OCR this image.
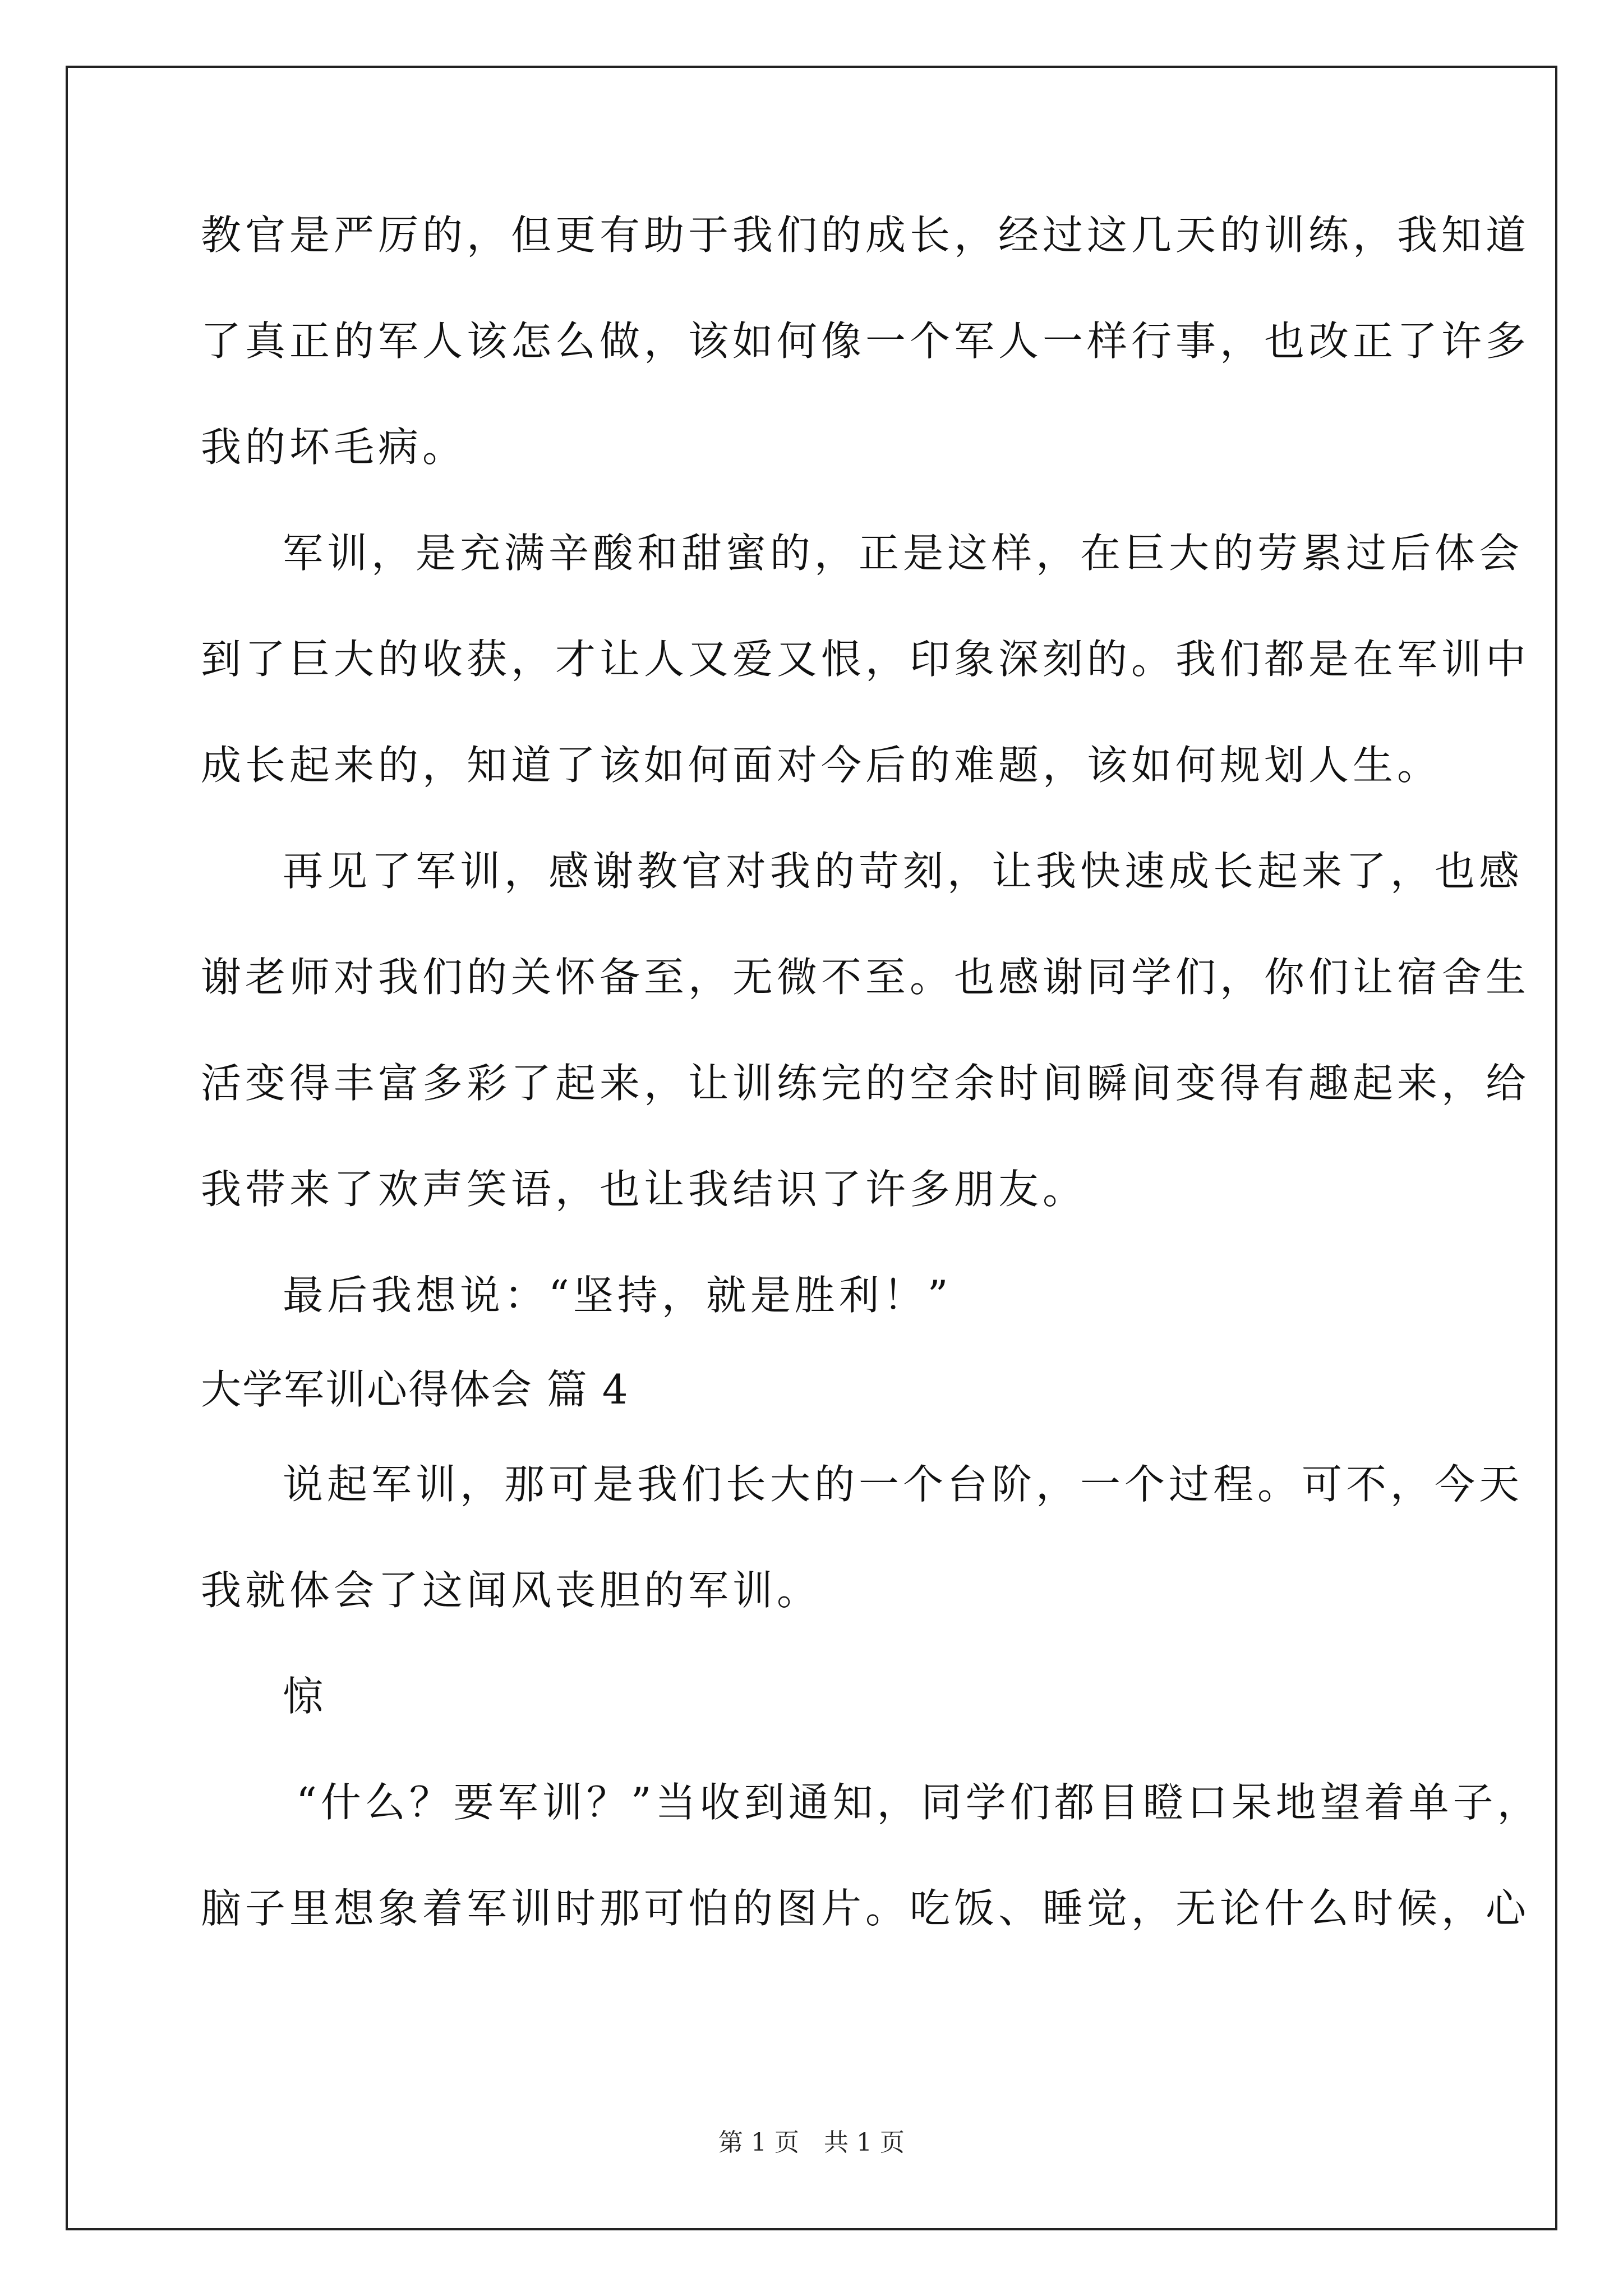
教官是严厉的，但更有助于我们的成长，经过这几天的训练，我知道
了真正的军人该怎么做，该如何像一个军人一样行事，也改正了许多
我的坏毛病。
军训，是充满辛酸和甜蜜的，正是这样，在巨大的劳累过后体会
到了巨大的收获，才让人又爱又恨，印象深刻的。我们都是在军训中
成长起来的，知道了该如何面对今后的难题，该如何规划人生。
再见了军训，感谢教官对我的苛刻，让我快速成长起来了，也感
谢老师对我们的关怀备至，无微不至。也感谢同学们，你们让宿舍生
活变得丰富多彩了起来，让训练完的空余时间瞬间变得有趣起来，给
我带来了欢声笑语，也让我结识了许多朋友。
最后我想说：“坚持，就是胜利！”
大学军训心得体会 篇 4
说起军训，那可是我们长大的一个台阶，一个过程。可不，今天
我就体会了这闻风丧胆的军训。
惊
“什么？要军训？”当收到通知，同学们都目瞪口呆地望着单子，
脑子里想象着军训时那可怕的图片。吃饭、睡觉，无论什么时候，心
第 1 页　共 1 页
